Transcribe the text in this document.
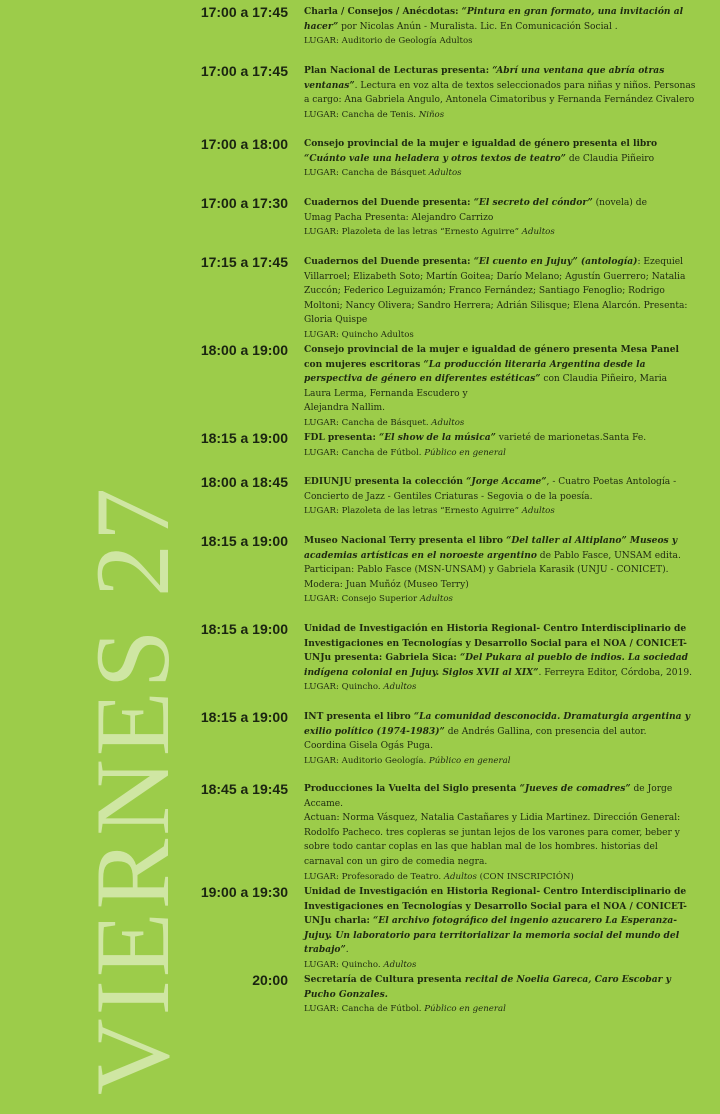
VIERNES 27
17:00 a 17:45 Charla / Consejos / Anécdotas: “Pintura en gran formato, una invitación al hacer” por Nicolas Anún - Muralista. Lic. En Comunicación Social .

LUGAR: Auditorio de Geología Adultos

17:00 a 17:45 Plan Nacional de Lecturas presenta: “Abrí una ventana que abría otras ventanas”. Lectura en voz alta de textos seleccionados para niñas y niños. Personas a cargo: Ana Gabriela Angulo, Antonela Cimatoribus y Fernanda Fernández Civalero

LUGAR: Cancha de Tenis. Niños

17:00 a 18:00 Consejo provincial de la mujer e igualdad de género presenta el libro “Cuánto vale una heladera y otros textos de teatro” de Claudia Piñeiro

LUGAR: Cancha de Básquet Adultos

17:00 a 17:30 Cuadernos del Duende presenta: “El secreto del cóndor” (novela) de

Umag Pacha Presenta: Alejandro Carrizo

LUGAR: Plazoleta de las letras “Ernesto Aguirre” Adultos

17:15 a 17:45 Cuadernos del Duende presenta: “El cuento en Jujuy” (antología): Ezequiel Villarroel; Elizabeth Soto; Martín Goitea; Darío Melano; Agustín Guerrero; Natalia Zuccón; Federico Leguizamón; Franco Fernández; Santiago Fenoglio; Rodrigo Moltoni; Nancy Olivera; Sandro Herrera; Adrián Silisque; Elena Alarcón. Presenta: Gloria Quispe

LUGAR: Quincho Adultos

18:00 a 19:00 Consejo provincial de la mujer e igualdad de género presenta Mesa Panel con mujeres escritoras “La producción literaria Argentina desde la perspectiva de género en diferentes estéticas” con Claudia Piñeiro, Maria Laura Lerma, Fernanda Escudero y

Alejandra Nallim.

LUGAR: Cancha de Básquet. Adultos

18:15 a 19:00 FDL presenta: “El show de la música” varieté de marionetas.Santa Fe.

LUGAR: Cancha de Fútbol. Público en general

18:00 a 18:45 EDIUNJU presenta la colección “Jorge Accame”, - Cuatro Poetas Antología - Concierto de Jazz - Gentiles Criaturas - Segovia o de la poesía.

LUGAR: Plazoleta de las letras “Ernesto Aguirre” Adultos

18:15 a 19:00 Museo Nacional Terry presenta el libro “Del taller al Altiplano” Museos y academias artísticas en el noroeste argentino de Pablo Fasce, UNSAM edita. Participan: Pablo Fasce (MSN-UNSAM) y Gabriela Karasik (UNJU - CONICET).

Modera: Juan Muñóz (Museo Terry)

LUGAR: Consejo Superior Adultos

18:15 a 19:00 Unidad de Investigación en Historia Regional- Centro Interdisciplinario de Investigaciones en Tecnologías y Desarrollo Social para el NOA / CONICET-UNJu presenta: Gabriela Sica: “Del Pukara al pueblo de indios. La sociedad indígena colonial en Jujuy. Siglos XVII al XIX”. Ferreyra Editor, Córdoba, 2019.

LUGAR: Quincho. Adultos

18:15 a 19:00 INT presenta el libro “La comunidad desconocida. Dramaturgia argentina y exilio político (1974-1983)” de Andrés Gallina, con presencia del autor.

Coordina Gisela Ogás Puga.

LUGAR: Auditorio Geología. Público en general

18:45 a 19:45 Producciones la Vuelta del Siglo presenta “Jueves de comadres” de Jorge Accame.

Actuan: Norma Vásquez, Natalia Castañares y Lidia Martinez. Dirección General: Rodolfo Pacheco. tres copleras se juntan lejos de los varones para comer, beber y sobre todo cantar coplas en las que hablan mal de los hombres. historias del carnaval con un giro de comedia negra.

LUGAR: Profesorado de Teatro. Adultos (CON INSCRIPCIÓN)

19:00 a 19:30 Unidad de Investigación en Historia Regional- Centro Interdisciplinario de Investigaciones en Tecnologías y Desarrollo Social para el NOA / CONICET-UNJu charla: “El archivo fotográfico del ingenio azucarero La Esperanza-Jujuy. Un laboratorio para territorializar la memoria social del mundo del trabajo”.

LUGAR: Quincho. Adultos

20:00 Secretaría de Cultura presenta recital de Noelia Gareca, Caro Escobar y Pucho Gonzales.

LUGAR: Cancha de Fútbol. Público en general
